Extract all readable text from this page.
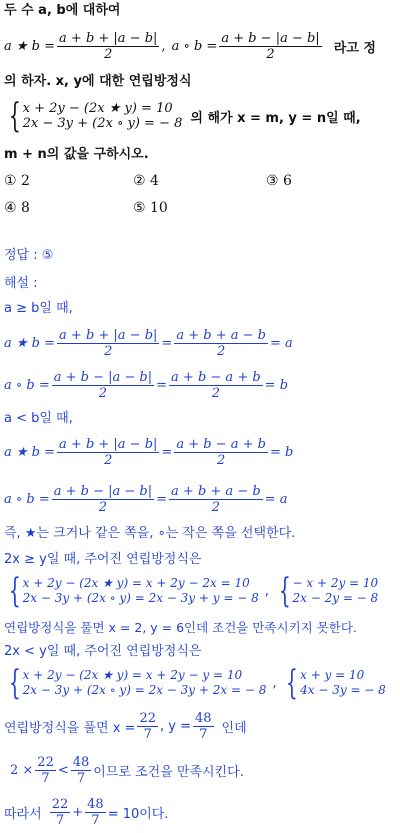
두 수 a, b에 대하여
a ★ $b = \frac{a + b + |a - b|}{2}$ , a ∘ $b = \frac{a + b - |a - b|}{2}$ 라고 정
의 하자. x, y에 대한 연립방정식
{ x + 2y − (2x ★ y) = 10
2x − 3y + (2x ∘ y) = − 8 의 해가 x = m, y = n일 때,
m + n의 값을 구하시오.
① 2	② 4	③ 6
④ 8	⑤ 10
정답 : ⑤
해설 :
a ≥ b일 때,
a ★ $b = \frac{a + b + |a - b|}{2} = \frac{a + b + a - b}{2} = a$
a ∘ $b = \frac{a + b - |a - b|}{2} = \frac{a + b - a + b}{2} = b$
a < b일 때,
a ★ $b = \frac{a + b + |a - b|}{2} = \frac{a + b - a + b}{2} = b$
a ∘ $b = \frac{a + b - |a - b|}{2} = \frac{a + b + a - b}{2} = a$
즉, ★는 크거나 같은 쪽을, ∘는 작은 쪽을 선택한다.
2x ≥ y일 때, 주어진 연립방정식은
{ x + 2y − (2x ★ y) = x + 2y − 2x = 10
2x − 3y + (2x ∘ y) = 2x − 3y + y = − 8 , { − x + 2y = 10
2x − 2y = − 8
연립방정식을 풀면 x = 2, y = 6인데 조건을 만족시키지 못한다.
2x < y일 때, 주어진 연립방정식은
{ x + 2y − (2x ★ y) = x + 2y − y = 10
2x − 3y + (2x ∘ y) = 2x − 3y + 2x = − 8 , { x + y = 10
4x − 3y = − 8
연립방정식을 풀면 $x = \frac{22}{7}$ , $y = \frac{48}{7}$ 인데
$2 \times \frac{22}{7} < \frac{48}{7}$ 이므로 조건을 만족시킨다.
따라서 $\frac{22}{7} + \frac{48}{7} = 10$이다.
